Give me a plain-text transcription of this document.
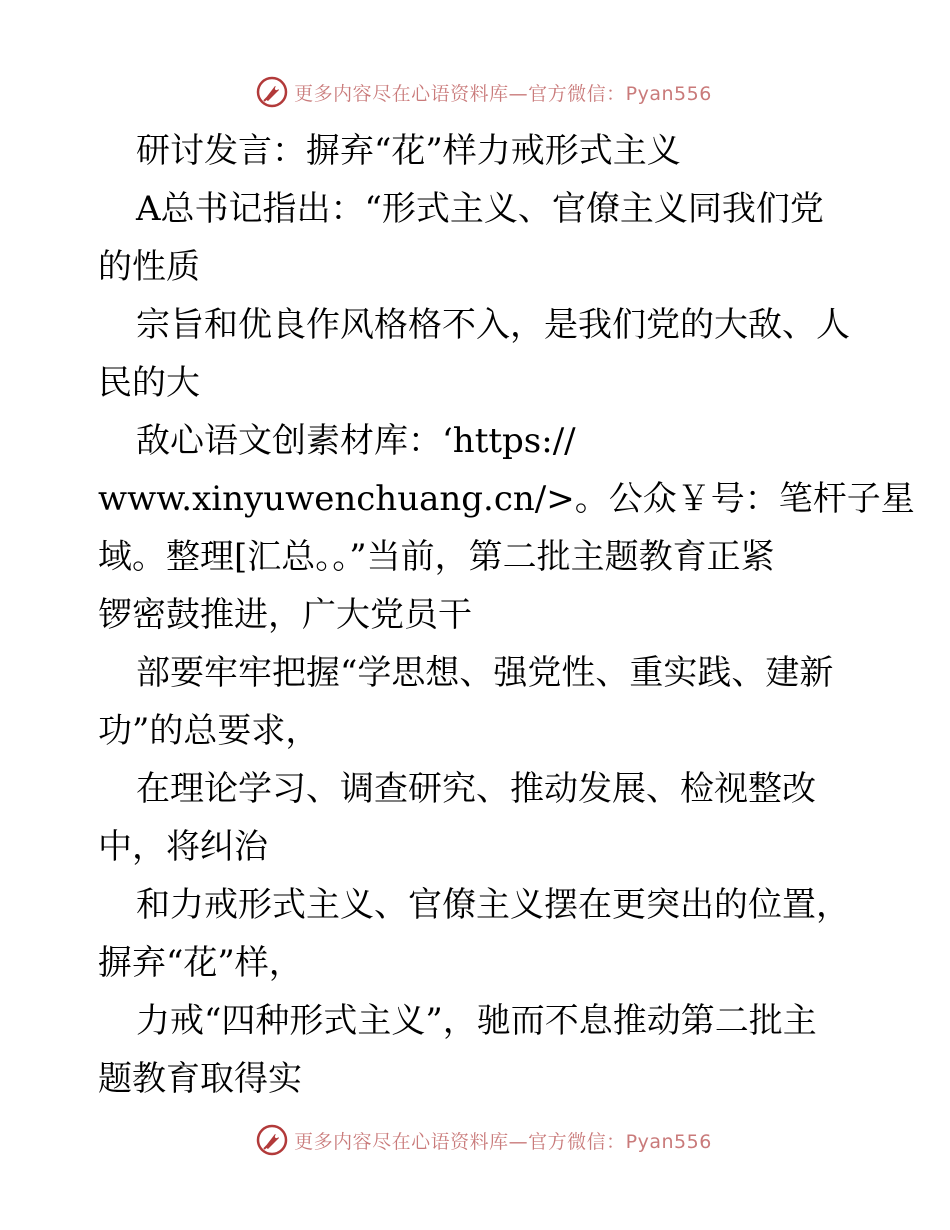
更多内容尽在心语资料库—官方微信：Pyan556
研讨发言：摒弃“花”样力戒形式主义
A总书记指出：“形式主义、官僚主义同我们党
的性质
宗旨和优良作风格格不入，是我们党的大敌、人
民的大
敌心语文创素材库：‘https://
www.xinyuwenchuang.cn/>。公众￥号：笔杆子星
域。整理[汇总。。”当前，第二批主题教育正紧
锣密鼓推进，广大党员干
部要牢牢把握“学思想、强党性、重实践、建新
功”的总要求，
在理论学习、调查研究、推动发展、检视整改
中，将纠治
和力戒形式主义、官僚主义摆在更突出的位置，
摒弃“花”样，
力戒“四种形式主义”，驰而不息推动第二批主
题教育取得实
更多内容尽在心语资料库—官方微信：Pyan556
